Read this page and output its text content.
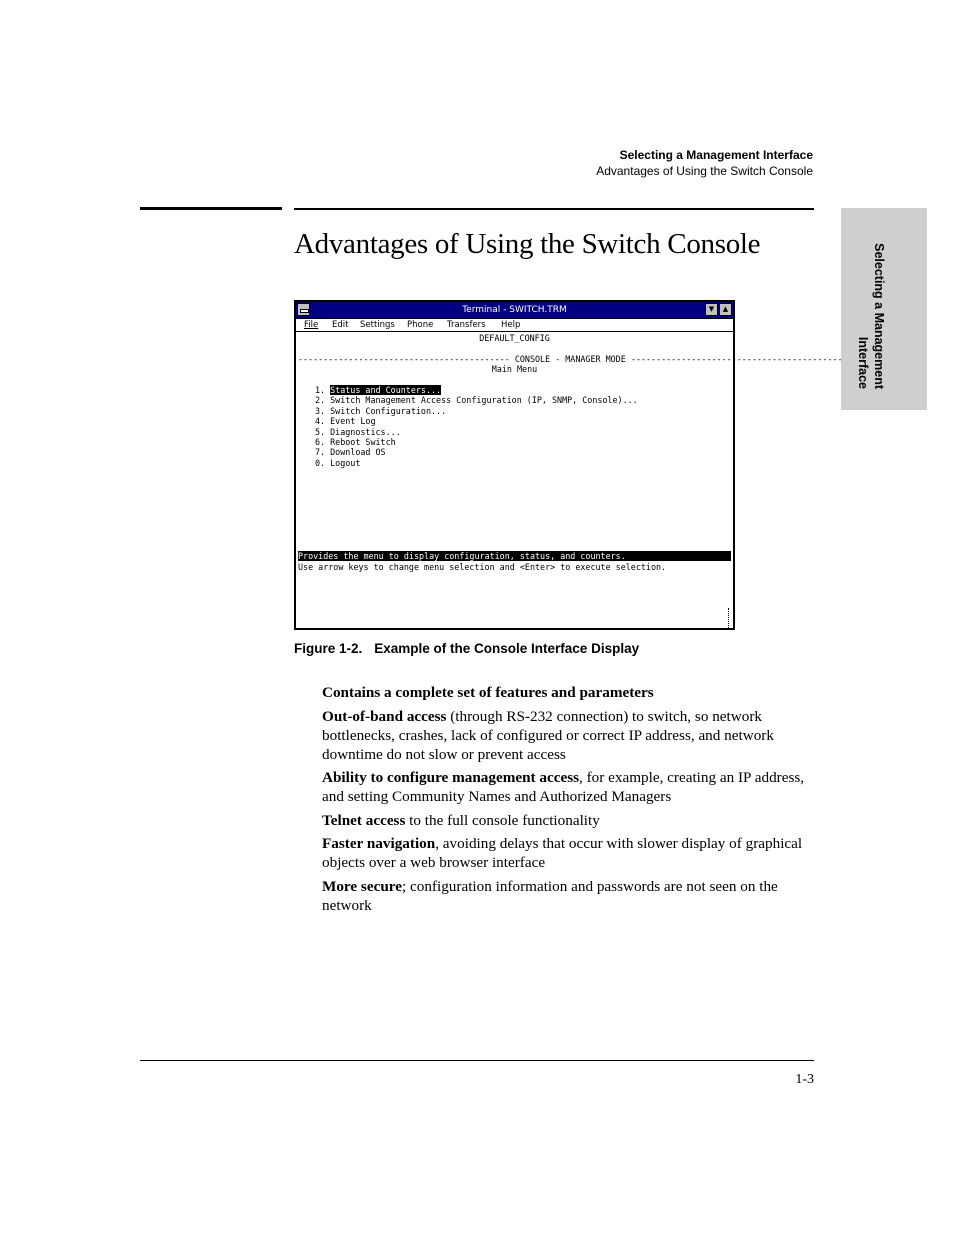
Selecting a Management Interface
Advantages of Using the Switch Console
Selecting a Management Interface
Advantages of Using the Switch Console
Terminal - SWITCH.TRM	▼	▲
File Edit Settings Phone Transfers Help
DEFAULT_CONFIG
------------------------------------------ CONSOLE - MANAGER MODE ------------------------------------------
Main Menu
1. Status and Counters...
2. Switch Management Access Configuration (IP, SNMP, Console)...
3. Switch Configuration...
4. Event Log
5. Diagnostics...
6. Reboot Switch
7. Download OS
0. Logout
Provides the menu to display configuration, status, and counters.
Use arrow keys to change menu selection and <Enter> to execute selection.
Figure 1-2. Example of the Console Interface Display

Contains a complete set of features and parameters

Out-of-band access (through RS-232 connection) to switch, so network bottlenecks, crashes, lack of configured or correct IP address, and network downtime do not slow or prevent access

Ability to configure management access, for example, creating an IP address, and setting Community Names and Authorized Managers

Telnet access to the full console functionality

Faster navigation, avoiding delays that occur with slower display of graphical objects over a web browser interface

More secure; configuration information and passwords are not seen on the network

1-3
